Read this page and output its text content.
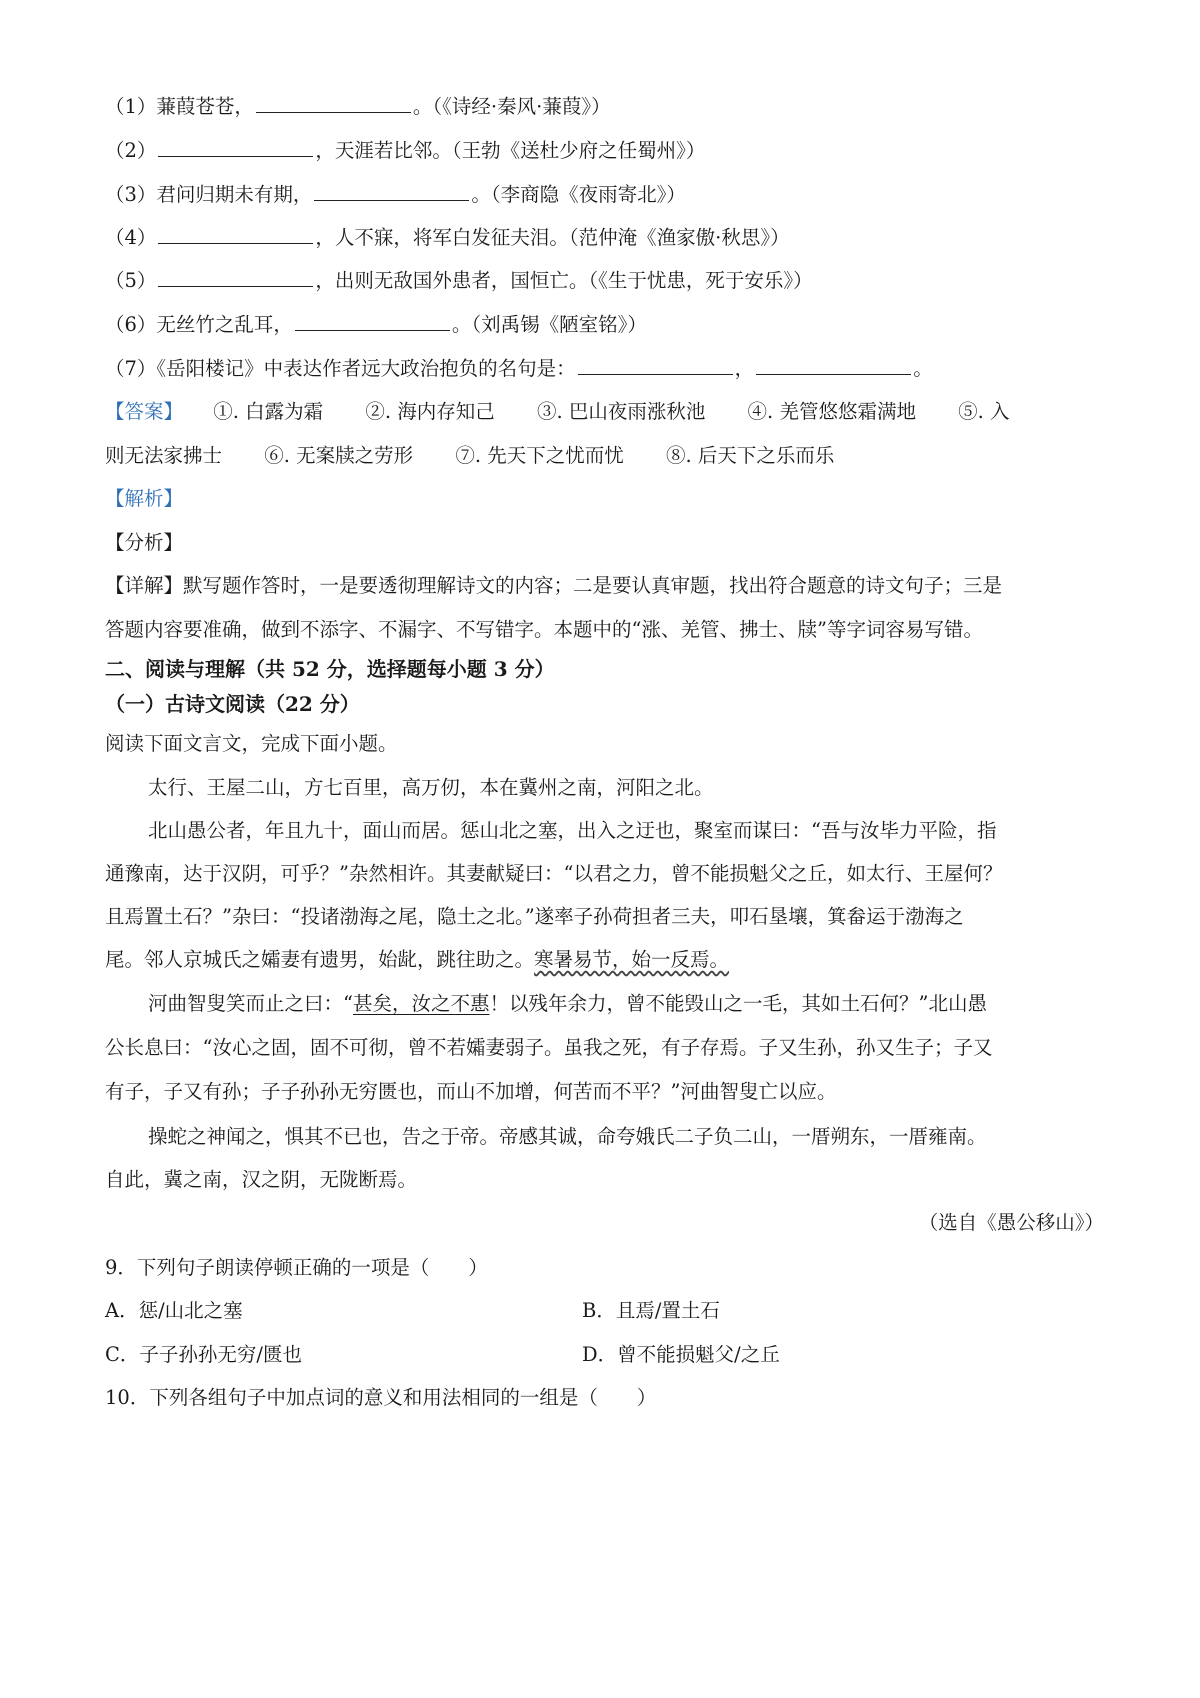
（1）蒹葭苍苍，	。（《诗经·秦风·蒹葭》）
（2）	，天涯若比邻。（王勃《送杜少府之任蜀州》）
（3）君问归期未有期，	。（李商隐《夜雨寄北》）
（4）	，人不寐，将军白发征夫泪。（范仲淹《渔家傲·秋思》）
（5）	，出则无敌国外患者，国恒亡。（《生于忧患，死于安乐》）
（6）无丝竹之乱耳，	。（刘禹锡《陋室铭》）
（7）《岳阳楼记》中表达作者远大政治抱负的名句是：	，	。
【答案】 ①. 白露为霜 ②. 海内存知己 ③. 巴山夜雨涨秋池 ④. 羌管悠悠霜满地 ⑤. 入
则无法家拂士 ⑥. 无案牍之劳形 ⑦. 先天下之忧而忧 ⑧. 后天下之乐而乐
【解析】
【分析】
【详解】默写题作答时，一是要透彻理解诗文的内容；二是要认真审题，找出符合题意的诗文句子；三是
答题内容要准确，做到不添字、不漏字、不写错字。本题中的“涨、羌管、拂士、牍”等字词容易写错。
二、阅读与理解（共 52 分，选择题每小题 3 分）
（一）古诗文阅读（22 分）
阅读下面文言文，完成下面小题。
太行、王屋二山，方七百里，高万仞，本在冀州之南，河阳之北。
北山愚公者，年且九十，面山而居。惩山北之塞，出入之迂也，聚室而谋曰：“吾与汝毕力平险，指
通豫南，达于汉阴，可乎？”杂然相许。其妻献疑曰：“以君之力，曾不能损魁父之丘，如太行、王屋何？
且焉置土石？”杂曰：“投诸渤海之尾，隐土之北。”遂率子孙荷担者三夫，叩石垦壤，箕畚运于渤海之
尾。邻人京城氏之孀妻有遗男，始龀，跳往助之。寒暑易节，始一反焉。
河曲智叟笑而止之曰：“甚矣，汝之不惠！以残年余力，曾不能毁山之一毛，其如土石何？”北山愚
公长息曰：“汝心之固，固不可彻，曾不若孀妻弱子。虽我之死，有子存焉。子又生孙，孙又生子；子又
有子，子又有孙；子子孙孙无穷匮也，而山不加增，何苦而不平？”河曲智叟亡以应。
操蛇之神闻之，惧其不已也，告之于帝。帝感其诚，命夸娥氏二子负二山，一厝朔东，一厝雍南。
自此，冀之南，汉之阴，无陇断焉。
（选自《愚公移山》）
9．下列句子朗读停顿正确的一项是（　　）
A．惩/山北之塞	B．且焉/置土石
C．子子孙孙无穷/匮也	D．曾不能损魁父/之丘
10．下列各组句子中加点词的意义和用法相同的一组是（　　）
